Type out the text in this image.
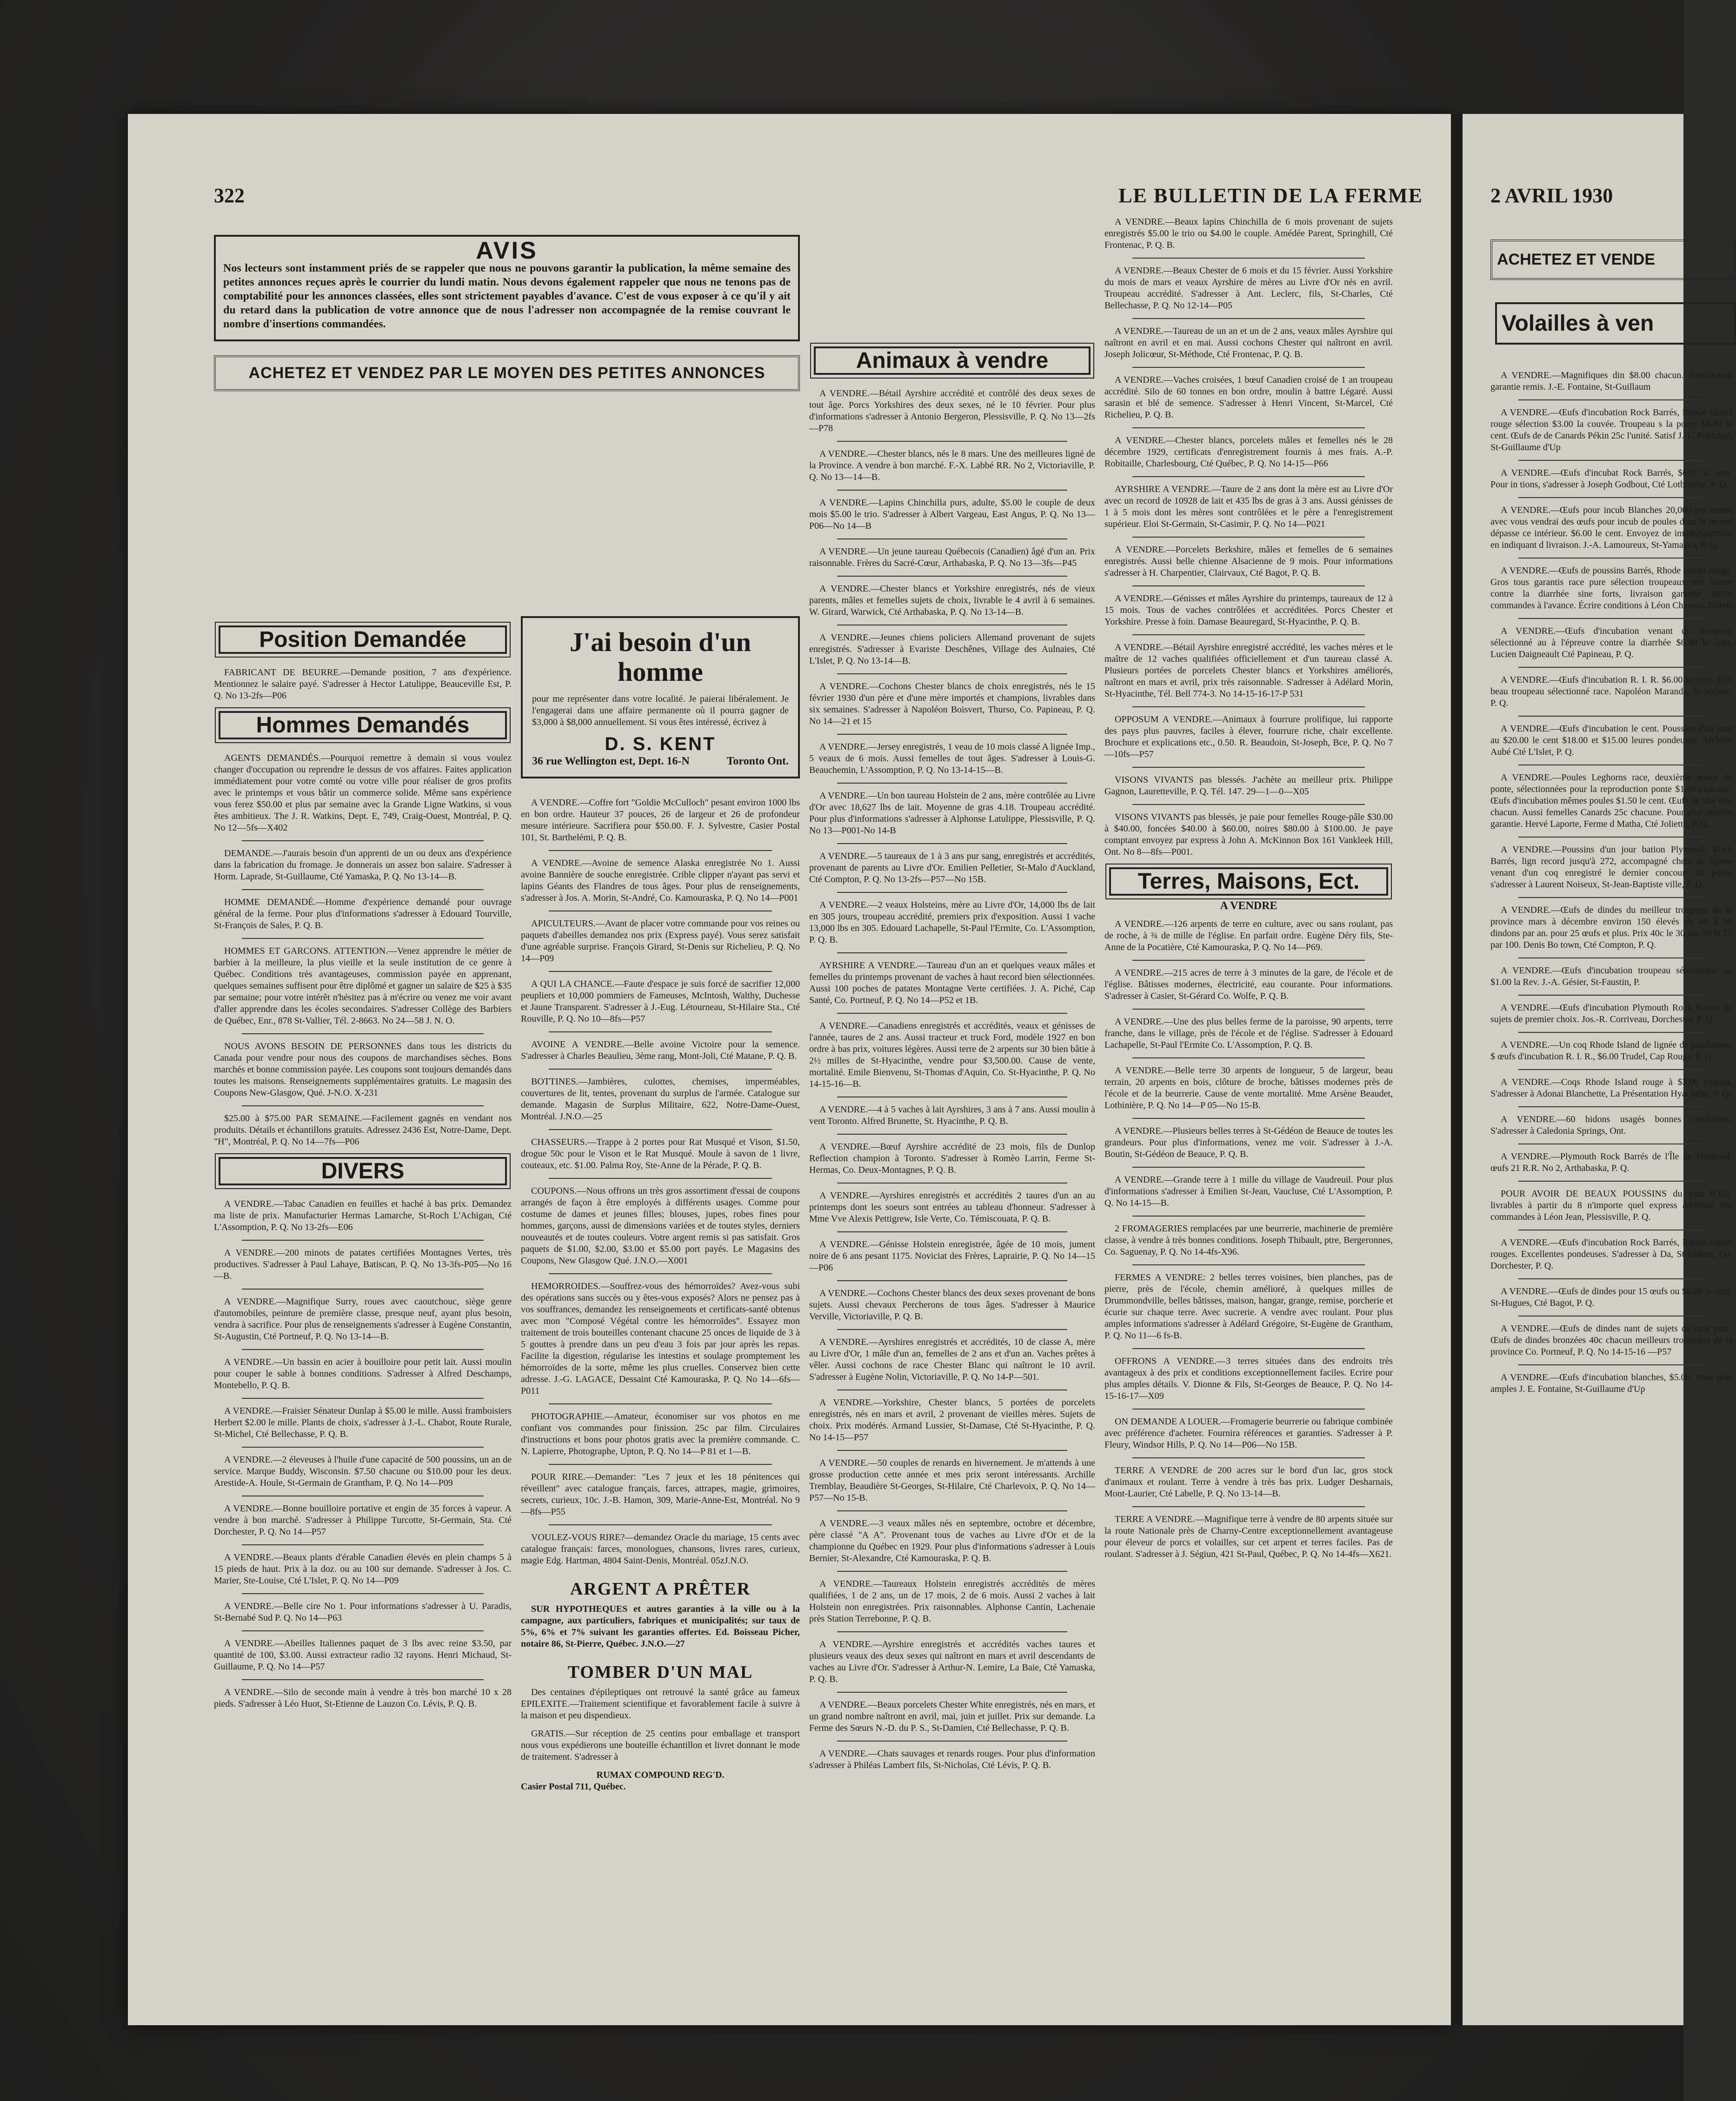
322	LE BULLETIN DE LA FERME
AVIS

Nos lecteurs sont instamment priés de se rappeler que nous ne pouvons garantir la publication, la même semaine des petites annonces reçues après le courrier du lundi matin. Nous devons également rappeler que nous ne tenons pas de comptabilité pour les annonces classées, elles sont strictement payables d'avance. C'est de vous exposer à ce qu'il y ait du retard dans la publication de votre annonce que de nous l'adresser non accompagnée de la remise couvrant le nombre d'insertions commandées.

ACHETEZ ET VENDEZ PAR LE MOYEN DES PETITES ANNONCES
Position Demandée
FABRICANT DE BEURRE.—Demande position, 7 ans d'expérience. Mentionnez le salaire payé. S'adresser à Hector Latulippe, Beauceville Est, P. Q. No 13-2fs—P06
Hommes Demandés
AGENTS DEMANDÉS.—Pourquoi remettre à demain si vous voulez changer d'occupation ou reprendre le dessus de vos affaires. Faites application immédiatement pour votre comté ou votre ville pour réaliser de gros profits avec le printemps et vous bâtir un commerce solide. Même sans expérience vous ferez $50.00 et plus par semaine avec la Grande Ligne Watkins, si vous êtes ambitieux. The J. R. Watkins, Dept. E, 749, Craig-Ouest, Montréal, P. Q. No 12—5fs—X402
DEMANDE.—J'aurais besoin d'un apprenti de un ou deux ans d'expérience dans la fabrication du fromage. Je donnerais un assez bon salaire. S'adresser à Horm. Laprade, St-Guillaume, Cté Yamaska, P. Q. No 13-14—B.
HOMME DEMANDÉ.—Homme d'expérience demandé pour ouvrage général de la ferme. Pour plus d'informations s'adresser à Edouard Tourville, St-François de Sales, P. Q. B.
HOMMES ET GARCONS. ATTENTION.—Venez apprendre le métier de barbier à la meilleure, la plus vieille et la seule institution de ce genre à Québec. Conditions très avantageuses, commission payée en apprenant, quelques semaines suffisent pour être diplômé et gagner un salaire de $25 à $35 par semaine; pour votre intérêt n'hésitez pas à m'écrire ou venez me voir avant d'aller apprendre dans les écoles secondaires. S'adresser Collège des Barbiers de Québec, Enr., 878 St-Vallier, Tél. 2-8663. No 24—58 J. N. O.
NOUS AVONS BESOIN DE PERSONNES dans tous les districts du Canada pour vendre pour nous des coupons de marchandises sèches. Bons marchés et bonne commission payée. Les coupons sont toujours demandés dans toutes les maisons. Renseignements supplémentaires gratuits. Le magasin des Coupons New-Glasgow, Qué. J-N.O. X-231
$25.00 à $75.00 PAR SEMAINE.—Facilement gagnés en vendant nos produits. Détails et échantillons gratuits. Adressez 2436 Est, Notre-Dame, Dept. "H", Montréal, P. Q. No 14—7fs—P06
DIVERS
A VENDRE.—Tabac Canadien en feuilles et haché à bas prix. Demandez ma liste de prix. Manufacturier Hermas Lamarche, St-Roch L'Achigan, Cté L'Assomption, P. Q. No 13-2fs—E06
A VENDRE.—200 minots de patates certifiées Montagnes Vertes, très productives. S'adresser à Paul Lahaye, Batiscan, P. Q. No 13-3fs-P05—No 16—B.
A VENDRE.—Magnifique Surry, roues avec caoutchouc, siège genre d'automobiles, peinture de première classe, presque neuf, ayant plus besoin, vendra à sacrifice. Pour plus de renseignements s'adresser à Eugène Constantin, St-Augustin, Cté Portneuf, P. Q. No 13-14—B.
A VENDRE.—Un bassin en acier à bouilloire pour petit lait. Aussi moulin pour couper le sable à bonnes conditions. S'adresser à Alfred Deschamps, Montebello, P. Q. B.
A VENDRE.—Fraisier Sénateur Dunlap à $5.00 le mille. Aussi framboisiers Herbert $2.00 le mille. Plants de choix, s'adresser à J.-L. Chabot, Route Rurale, St-Michel, Cté Bellechasse, P. Q. B.
A VENDRE.—2 éleveuses à l'huile d'une capacité de 500 poussins, un an de service. Marque Buddy, Wisconsin. $7.50 chacune ou $10.00 pour les deux. Arestide-A. Houle, St-Germain de Grantham, P. Q. No 14—P09
A VENDRE.—Bonne bouilloire portative et engin de 35 forces à vapeur. A vendre à bon marché. S'adresser à Philippe Turcotte, St-Germain, Sta. Cté Dorchester, P. Q. No 14—P57
A VENDRE.—Beaux plants d'érable Canadien élevés en plein champs 5 à 15 pieds de haut. Prix à la doz. ou au 100 sur demande. S'adresser à Jos. C. Marier, Ste-Louise, Cté L'Islet, P. Q. No 14—P09
A VENDRE.—Belle cire No 1. Pour informations s'adresser à U. Paradis, St-Bernabé Sud P. Q. No 14—P63
A VENDRE.—Abeilles Italiennes paquet de 3 lbs avec reine $3.50, par quantité de 100, $3.00. Aussi extracteur radio 32 rayons. Henri Michaud, St-Guillaume, P. Q. No 14—P57
A VENDRE.—Silo de seconde main à vendre à très bon marché 10 x 28 pieds. S'adresser à Léo Huot, St-Etienne de Lauzon Co. Lévis, P. Q. B.
J'ai besoin d'un homme
pour me représenter dans votre localité. Je paierai libéralement. Je l'engagerai dans une affaire permanente où il pourra gagner de $3,000 à $8,000 annuellement. Si vous êtes intéressé, écrivez à
D. S. KENT
36 rue Wellington est, Dept. 16-N	Toronto Ont.
A VENDRE.—Coffre fort "Goldie McCulloch" pesant environ 1000 lbs en bon ordre. Hauteur 37 pouces, 26 de largeur et 26 de profondeur mesure intérieure. Sacrifiera pour $50.00. F. J. Sylvestre, Casier Postal 101, St. Barthelémi, P. Q. B.
A VENDRE.—Avoine de semence Alaska enregistrée No 1. Aussi avoine Bannière de souche enregistrée. Crible clipper n'ayant pas servi et lapins Géants des Flandres de tous âges. Pour plus de renseignements, s'adresser à Jos. A. Morin, St-André, Co. Kamouraska, P. Q. No 14—P001
APICULTEURS.—Avant de placer votre commande pour vos reines ou paquets d'abeilles demandez nos prix (Express payé). Vous serez satisfait d'une agréable surprise. François Girard, St-Denis sur Richelieu, P. Q. No 14—P09
A QUI LA CHANCE.—Faute d'espace je suis forcé de sacrifier 12,000 peupliers et 10,000 pommiers de Fameuses, McIntosh, Walthy, Duchesse et Jaune Transparent. S'adresser à J.-Eug. Létourneau, St-Hilaire Sta., Cté Rouville, P. Q. No 10—8fs—P57
AVOINE A VENDRE.—Belle avoine Victoire pour la semence. S'adresser à Charles Beaulieu, 3ème rang, Mont-Joli, Cté Matane, P. Q. B.
BOTTINES.—Jambières, culottes, chemises, imperméables, couvertures de lit, tentes, provenant du surplus de l'armée. Catalogue sur demande. Magasin de Surplus Militaire, 622, Notre-Dame-Ouest, Montréal. J.N.O.—25
CHASSEURS.—Trappe à 2 portes pour Rat Musqué et Vison, $1.50, drogue 50c pour le Vison et le Rat Musqué. Moule à savon de 1 livre, couteaux, etc. $1.00. Palma Roy, Ste-Anne de la Pérade, P. Q. B.
COUPONS.—Nous offrons un très gros assortiment d'essai de coupons arrangés de façon à être employés à différents usages. Comme pour costume de dames et jeunes filles; blouses, jupes, robes fines pour hommes, garçons, aussi de dimensions variées et de toutes styles, derniers nouveautés et de toutes couleurs. Votre argent remis si pas satisfait. Gros paquets de $1.00, $2.00, $3.00 et $5.00 port payés. Le Magasins des Coupons, New Glasgow Qué. J.N.O.—X001
HEMORROIDES.—Souffrez-vous des hémorroïdes? Avez-vous subi des opérations sans succès ou y êtes-vous exposés? Alors ne pensez pas à vos souffrances, demandez les renseignements et certificats-santé obtenus avec mon "Composé Végétal contre les hémorroïdes". Essayez mon traitement de trois bouteilles contenant chacune 25 onces de liquide de 3 à 5 gouttes à prendre dans un peu d'eau 3 fois par jour après les repas. Facilite la digestion, régularise les intestins et soulage promptement les hémorroïdes de la sorte, même les plus cruelles. Conservez bien cette adresse. J.-G. LAGACE, Dessaint Cté Kamouraska, P. Q. No 14—6fs—P011
PHOTOGRAPHIE.—Amateur, économiser sur vos photos en me confiant vos commandes pour finission. 25c par film. Circulaires d'instructions et bons pour photos gratis avec la première commande. C. N. Lapierre, Photographe, Upton, P. Q. No 14—P 81 et 1—B.
POUR RIRE.—Demander: "Les 7 jeux et les 18 pénitences qui réveillent" avec catalogue français, farces, attrapes, magie, grimoires, secrets, curieux, 10c. J.-B. Hamon, 309, Marie-Anne-Est, Montréal. No 9—8fs—P55
VOULEZ-VOUS RIRE?—demandez Oracle du mariage, 15 cents avec catalogue français: farces, monologues, chansons, livres rares, curieux, magie Edg. Hartman, 4804 Saint-Denis, Montréal. 05zJ.N.O.
ARGENT A PRÊTER
SUR HYPOTHEQUES et autres garanties à la ville ou à la campagne, aux particuliers, fabriques et municipalités; sur taux de 5%, 6% et 7% suivant les garanties offertes. Ed. Boisseau Picher, notaire 86, St-Pierre, Québec. J.N.O.—27
TOMBER D'UN MAL
Des centaines d'épileptiques ont retrouvé la santé grâce au fameux EPILEXITE.—Traitement scientifique et favorablement facile à suivre à la maison et peu dispendieux.
GRATIS.—Sur réception de 25 centins pour emballage et transport nous vous expédierons une bouteille échantillon et livret donnant le mode de traitement. S'adresser à
RUMAX COMPOUND REG'D.
Casier Postal 711, Québec.
Animaux à vendre
A VENDRE.—Bétail Ayrshire accrédité et contrôlé des deux sexes de tout âge. Porcs Yorkshires des deux sexes, né le 10 février. Pour plus d'informations s'adresser à Antonio Bergeron, Plessisville, P. Q. No 13—2fs—P78
A VENDRE.—Chester blancs, nés le 8 mars. Une des meilleures ligné de la Province. A vendre à bon marché. F.-X. Labbé RR. No 2, Victoriaville, P. Q. No 13—14—B.
A VENDRE.—Lapins Chinchilla purs, adulte, $5.00 le couple de deux mois $5.00 le trio. S'adresser à Albert Vargeau, East Angus, P. Q. No 13—P06—No 14—B
A VENDRE.—Un jeune taureau Québecois (Canadien) âgé d'un an. Prix raisonnable. Frères du Sacré-Cœur, Arthabaska, P. Q. No 13—3fs—P45
A VENDRE.—Chester blancs et Yorkshire enregistrés, nés de vieux parents, mâles et femelles sujets de choix, livrable le 4 avril à 6 semaines. W. Girard, Warwick, Cté Arthabaska, P. Q. No 13-14—B.
A VENDRE.—Jeunes chiens policiers Allemand provenant de sujets enregistrés. S'adresser à Evariste Deschênes, Village des Aulnaies, Cté L'Islet, P. Q. No 13-14—B.
A VENDRE.—Cochons Chester blancs de choix enregistrés, nés le 15 février 1930 d'un père et d'une mère importés et champions, livrables dans six semaines. S'adresser à Napoléon Boisvert, Thurso, Co. Papineau, P. Q. No 14—21 et 15
A VENDRE.—Jersey enregistrés, 1 veau de 10 mois classé A lignée Imp., 5 veaux de 6 mois. Aussi femelles de tout âges. S'adresser à Louis-G. Beauchemin, L'Assomption, P. Q. No 13-14-15—B.
A VENDRE.—Un bon taureau Holstein de 2 ans, mère contrôlée au Livre d'Or avec 18,627 lbs de lait. Moyenne de gras 4.18. Troupeau accrédité. Pour plus d'informations s'adresser à Alphonse Latulippe, Plessisville, P. Q. No 13—P001-No 14-B
A VENDRE.—5 taureaux de 1 à 3 ans pur sang, enregistrés et accrédités, provenant de parents au Livre d'Or. Emilien Pelletier, St-Malo d'Auckland, Cté Compton, P. Q. No 13-2fs—P57—No 15B.
A VENDRE.—2 veaux Holsteins, mère au Livre d'Or, 14,000 lbs de lait en 305 jours, troupeau accrédité, premiers prix d'exposition. Aussi 1 vache 13,000 lbs en 305. Edouard Lachapelle, St-Paul l'Ermite, Co. L'Assomption, P. Q. B.
AYRSHIRE A VENDRE.—Taureau d'un an et quelques veaux mâles et femelles du printemps provenant de vaches à haut record bien sélectionnées. Aussi 100 poches de patates Montagne Verte certifiées. J. A. Piché, Cap Santé, Co. Portneuf, P. Q. No 14—P52 et 1B.
A VENDRE.—Canadiens enregistrés et accrédités, veaux et génisses de l'année, taures de 2 ans. Aussi tracteur et truck Ford, modèle 1927 en bon ordre à bas prix, voitures légères. Aussi terre de 2 arpents sur 30 bien bâtie à 2½ milles de St-Hyacinthe, vendre pour $3,500.00. Cause de vente, mortalité. Emile Bienvenu, St-Thomas d'Aquin, Co. St-Hyacinthe, P. Q. No 14-15-16—B.
A VENDRE.—4 à 5 vaches à lait Ayrshires, 3 ans à 7 ans. Aussi moulin à vent Toronto. Alfred Brunette, St. Hyacinthe, P. Q. B.
A VENDRE.—Bœuf Ayrshire accrédité de 23 mois, fils de Dunlop Reflection champion à Toronto. S'adresser à Romèo Larrin, Ferme St-Hermas, Co. Deux-Montagnes, P. Q. B.
A VENDRE.—Ayrshires enregistrés et accrédités 2 taures d'un an au printemps dont les soeurs sont entrées au tableau d'honneur. S'adresser à Mme Vve Alexis Pettigrew, Isle Verte, Co. Témiscouata, P. Q. B.
A VENDRE.—Génisse Holstein enregistrée, âgée de 10 mois, jument noire de 6 ans pesant 1175. Noviciat des Frères, Laprairie, P. Q. No 14—15—P06
A VENDRE.—Cochons Chester blancs des deux sexes provenant de bons sujets. Aussi chevaux Percherons de tous âges. S'adresser à Maurice Verville, Victoriaville, P. Q. B.
A VENDRE.—Ayrshires enregistrés et accrédités, 10 de classe A, mère au Livre d'Or, 1 mâle d'un an, femelles de 2 ans et d'un an. Vaches prêtes à vêler. Aussi cochons de race Chester Blanc qui naîtront le 10 avril. S'adresser à Eugène Nolin, Victoriaville, P. Q. No 14-P—501.
A VENDRE.—Yorkshire, Chester blancs, 5 portées de porcelets enregistrés, nés en mars et avril, 2 provenant de vieilles mères. Sujets de choix. Prix modérés. Armand Lussier, St-Damase, Cté St-Hyacinthe, P. Q. No 14-15—P57
A VENDRE.—50 couples de renards en hivernement. Je m'attends à une grosse production cette année et mes prix seront intéressants. Archille Tremblay, Beaudière St-Georges, St-Hilaire, Cté Charlevoix, P. Q. No 14—P57—No 15-B.
A VENDRE.—3 veaux mâles nés en septembre, octobre et décembre, père classé "A A". Provenant tous de vaches au Livre d'Or et de la championne du Québec en 1929. Pour plus d'informations s'adresser à Louis Bernier, St-Alexandre, Cté Kamouraska, P. Q. B.
A VENDRE.—Taureaux Holstein enregistrés accrédités de mères qualifiées, 1 de 2 ans, un de 17 mois, 2 de 6 mois. Aussi 2 vaches à lait Holstein non enregistrées. Prix raisonnables. Alphonse Cantin, Lachenaie près Station Terrebonne, P. Q. B.
A VENDRE.—Ayrshire enregistrés et accrédités vaches taures et plusieurs veaux des deux sexes qui naîtront en mars et avril descendants de vaches au Livre d'Or. S'adresser à Arthur-N. Lemire, La Baie, Cté Yamaska, P. Q. B.
A VENDRE.—Beaux porcelets Chester White enregistrés, nés en mars, et un grand nombre naîtront en avril, mai, juin et juillet. Prix sur demande. La Ferme des Sœurs N.-D. du P. S., St-Damien, Cté Bellechasse, P. Q. B.
A VENDRE.—Chats sauvages et renards rouges. Pour plus d'information s'adresser à Philéas Lambert fils, St-Nicholas, Cté Lévis, P. Q. B.
A VENDRE.—Beaux lapins Chinchilla de 6 mois provenant de sujets enregistrés $5.00 le trio ou $4.00 le couple. Amédée Parent, Springhill, Cté Frontenac, P. Q. B.
A VENDRE.—Beaux Chester de 6 mois et du 15 février. Aussi Yorkshire du mois de mars et veaux Ayrshire de mères au Livre d'Or nés en avril. Troupeau accrédité. S'adresser à Ant. Leclerc, fils, St-Charles, Cté Bellechasse, P. Q. No 12-14—P05
A VENDRE.—Taureau de un an et un de 2 ans, veaux mâles Ayrshire qui naîtront en avril et en mai. Aussi cochons Chester qui naîtront en avril. Joseph Jolicœur, St-Méthode, Cté Frontenac, P. Q. B.
A VENDRE.—Vaches croisées, 1 bœuf Canadien croisé de 1 an troupeau accrédité. Silo de 60 tonnes en bon ordre, moulin à battre Légaré. Aussi sarasin et blé de semence. S'adresser à Henri Vincent, St-Marcel, Cté Richelieu, P. Q. B.
A VENDRE.—Chester blancs, porcelets mâles et femelles nés le 28 décembre 1929, certificats d'enregistrement fournis à mes frais. A.-P. Robitaille, Charlesbourg, Cté Québec, P. Q. No 14-15—P66
AYRSHIRE A VENDRE.—Taure de 2 ans dont la mère est au Livre d'Or avec un record de 10928 de lait et 435 lbs de gras à 3 ans. Aussi génisses de 1 à 5 mois dont les mères sont contrôlées et le père a l'enregistrement supérieur. Eloi St-Germain, St-Casimir, P. Q. No 14—P021
A VENDRE.—Porcelets Berkshire, mâles et femelles de 6 semaines enregistrés. Aussi belle chienne Alsacienne de 9 mois. Pour informations s'adresser à H. Charpentier, Clairvaux, Cté Bagot, P. Q. B.
A VENDRE.—Génisses et mâles Ayrshire du printemps, taureaux de 12 à 15 mois. Tous de vaches contrôlées et accréditées. Porcs Chester et Yorkshire. Presse à foin. Damase Beauregard, St-Hyacinthe, P. Q. B.
A VENDRE.—Bétail Ayrshire enregistré accrédité, les vaches mères et le maître de 12 vaches qualifiées officiellement et d'un taureau classé A. Plusieurs portées de porcelets Chester blancs et Yorkshires améliorés, naîtront en mars et avril, prix très raisonnable. S'adresser à Adélard Morin, St-Hyacinthe, Tél. Bell 774-3. No 14-15-16-17-P 531
OPPOSUM A VENDRE.—Animaux à fourrure prolifique, lui rapporte des pays plus pauvres, faciles à élever, fourrure riche, chair excellente. Brochure et explications etc., 0.50. R. Beaudoin, St-Joseph, Bce, P. Q. No 7—10fs—P57
VISONS VIVANTS pas blessés. J'achète au meilleur prix. Philippe Gagnon, Lauretteville, P. Q. Tél. 147. 29—1—0—X05
VISONS VIVANTS pas blessés, je paie pour femelles Rouge-pâle $30.00 à $40.00, foncées $40.00 à $60.00, noires $80.00 à $100.00. Je paye comptant envoyez par express à John A. McKinnon Box 161 Vankleek Hill, Ont. No 8—8fs—P001.
Terres, Maisons, Ect.
A VENDRE
A VENDRE.—126 arpents de terre en culture, avec ou sans roulant, pas de roche, à ¾ de mille de l'église. En parfait ordre. Eugène Déry fils, Ste-Anne de la Pocatière, Cté Kamouraska, P. Q. No 14—P69.
A VENDRE.—215 acres de terre à 3 minutes de la gare, de l'école et de l'église. Bâtisses modernes, électricité, eau courante. Pour informations. S'adresser à Casier, St-Gérard Co. Wolfe, P. Q. B.
A VENDRE.—Une des plus belles ferme de la paroisse, 90 arpents, terre franche, dans le village, près de l'école et de l'église. S'adresser à Edouard Lachapelle, St-Paul l'Ermite Co. L'Assomption, P. Q. B.
A VENDRE.—Belle terre 30 arpents de longueur, 5 de largeur, beau terrain, 20 arpents en bois, clôture de broche, bâtisses modernes près de l'école et de la beurrerie. Cause de vente mortalité. Mme Arsène Beaudet, Lotbinière, P. Q. No 14—P 05—No 15-B.
A VENDRE.—Plusieurs belles terres à St-Gédéon de Beauce de toutes les grandeurs. Pour plus d'informations, venez me voir. S'adresser à J.-A. Boutin, St-Gédéon de Beauce, P. Q. B.
A VENDRE.—Grande terre à 1 mille du village de Vaudreuil. Pour plus d'informations s'adresser à Emilien St-Jean, Vaucluse, Cté L'Assomption, P. Q. No 14-15—B.
2 FROMAGERIES remplacées par une beurrerie, machinerie de première classe, à vendre à très bonnes conditions. Joseph Thibault, ptre, Bergeronnes, Co. Saguenay, P. Q. No 14-4fs-X96.
FERMES A VENDRE: 2 belles terres voisines, bien planches, pas de pierre, près de l'école, chemin amélioré, à quelques milles de Drummondville, belles bâtisses, maison, hangar, grange, remise, porcherie et écurie sur chaque terre. Avec sucrerie. A vendre avec roulant. Pour plus amples informations s'adresser à Adélard Grégoire, St-Eugène de Grantham, P. Q. No 11—6 fs-B.
OFFRONS A VENDRE.—3 terres situées dans des endroits très avantageux à des prix et conditions exceptionnellement faciles. Ecrire pour plus amples détails. V. Dionne & Fils, St-Georges de Beauce, P. Q. No 14-15-16-17—X09
ON DEMANDE A LOUER.—Fromagerie beurrerie ou fabrique combinée avec préférence d'acheter. Fournira références et garanties. S'adresser à P. Fleury, Windsor Hills, P. Q. No 14—P06—No 15B.
TERRE A VENDRE de 200 acres sur le bord d'un lac, gros stock d'animaux et roulant. Terre à vendre à très bas prix. Ludger Desharnais, Mont-Laurier, Cté Labelle, P. Q. No 13-14—B.
TERRE A VENDRE.—Magnifique terre à vendre de 80 arpents située sur la route Nationale près de Charny-Centre exceptionnellement avantageuse pour éleveur de porcs et volailles, sur cet arpent et terres faciles. Pas de roulant. S'adresser à J. Ségiun, 421 St-Paul, Québec, P. Q. No 14-4fs—X621.
2 AVRIL 1930
ACHETEZ ET VENDE
Volailles à ven
A VENDRE.—Magnifiques din $8.00 chacun. Satisfaction garantie remis. J.-E. Fontaine, St-Guillaum
A VENDRE.—Œufs d'incubation Rock Barrés, Rhode Island rouge sélection $3.00 la couvée. Troupeau s la ponte $6.00 le cent. Œufs de de Canards Pékin 25c l'unité. Satisf J.-E. Fontaine, St-Guillaume d'Up
A VENDRE.—Œufs d'incubat Rock Barrés, $6.00 le cent. Pour in tions, s'adresser à Joseph Godbout, Cté Lotbinière, P. Q.
A VENDRE.—Œufs pour incub Blanches 20,000 par année avec vous vendrai des œufs pour incub de poules dont le record dépasse ce intérieur. $6.00 le cent. Envoyez de immédiatement en indiquant d livraison. J.-A. Lamoureux, St-Yamaska, P. Q.
A VENDRE.—Œufs de poussins Barrés, Rhode Island rouge. Gros tous garantis race pure sélection troupeaux très bonne contre la diarrhée sine forts, livraison garantie 100% commandes à l'avance. Écrire conditions à Léon Charron, Terreb
A VENDRE.—Œufs d'incubation venant du troupeau sélectionné au à l'épreuve contre la diarrhée $6.00 le cent. Lucien Daigneault Cté Papineau, P. Q.
A VENDRE.—Œufs d'incubation R. I. R. $6.00 le cent. Très beau troupeau sélectionné race. Napoléon Maranda, St-Isidore, P. Q.
A VENDRE.—Œufs d'incubation le cent. Poussins d'un jour au $20.00 le cent $18.00 et $15.00 leures pondeuses. Archille Aubé Cté L'Islet, P. Q.
A VENDRE.—Poules Leghorns race, deuxième année de ponte, sélectionnées pour la reproduction ponte $1.50 chacune. Œufs d'incubation mêmes poules $1.50 le cent. Œufs de alsé 60e chacun. Aussi femelles Canards 25c chacune. Pour plus amples garantie. Hervé Laporte, Ferme d Matha, Cté Joliette, P. Q.
A VENDRE.—Poussins d'un jour bation Plymouth Rock Barrés, lign record jusqu'à 272, accompagné chets de lignée venant d'un coq enregistré le dernier concours de ponte s'adresser à Laurent Noiseux, St-Jean-Baptiste ville, P. Q.
A VENDRE.—Œufs de dindes du meilleur troupeau de la province mars à décembre environ 150 élevés de 40 à 50 dindons par an. pour 25 œufs et plus. Prix 40c le 30 par 50 et 25 par 100. Denis Bo town, Cté Compton, P. Q.
A VENDRE.—Œufs d'incubation troupeau sélectionné au $1.00 la Rev. J.-A. Gésier, St-Faustin, P.
A VENDRE.—Œufs d'incubation Plymouth Rock Barrés de sujets de premier choix. Jos.-R. Corriveau, Dorchester, P. Q.
A VENDRE.—Un coq Rhode Island de lignée de pondeuses. $ œufs d'incubation R. I. R., $6.00 Trudel, Cap Rouge, P. Q.
A VENDRE.—Coqs Rhode Island rouge à $3.00 chacun. S'adresser à Adonai Blanchette, La Présentation Hyacinthe, P. Q.
A VENDRE.—60 bidons usagés bonnes conditions. S'adresser à Caledonia Springs, Ont.
A VENDRE.—Plymouth Rock Barrés de l'Île de Montréal, œufs 21 R.R. No 2, Arthabaska, P. Q.
POUR AVOIR DE BEAUX POUSSINS du jour R.I.R. livrables à partir du 8 n'importe quel express adressez vos commandes à Léon Jean, Plessisville, P. Q.
A VENDRE.—Œufs d'incubation Rock Barrés, Rhode Island rouges. Excellentes pondeuses. S'adresser à Da, St-Isidore, Co. Dorchester, P. Q.
A VENDRE.—Œufs de dindes pour 15 œufs ou $6.00 le cent. St-Hugues, Cté Bagot, P. Q.
A VENDRE.—Œufs de dindes nant de sujets de race pure. Œufs de dindes bronzées 40c chacun meilleurs troupeaux de la province Co. Portneuf, P. Q. No 14-15-16 —P57
A VENDRE.—Œufs d'incubation blanches, $5.00. Pour plus amples J. E. Fontaine, St-Guillaume d'Up
